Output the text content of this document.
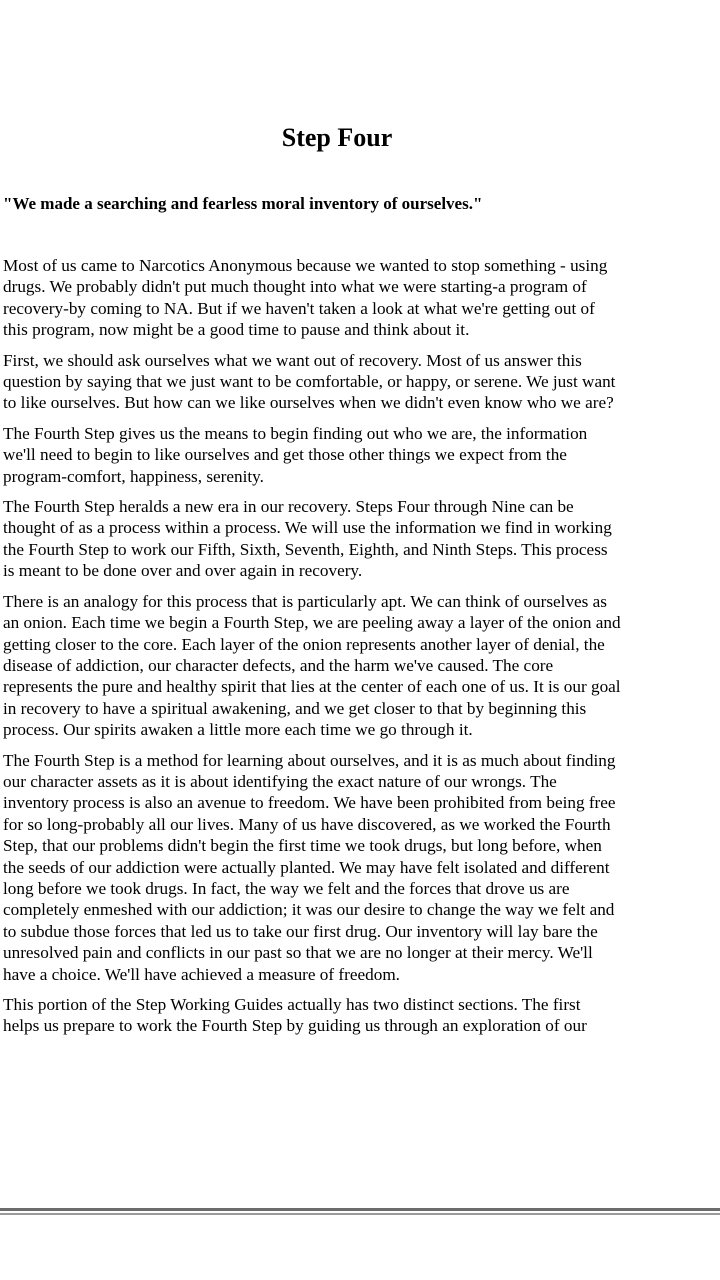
Step Four

"We made a searching and fearless moral inventory of ourselves."

Most of us came to Narcotics Anonymous because we wanted to stop something - using
drugs. We probably didn't put much thought into what we were starting-a program of
recovery-by coming to NA. But if we haven't taken a look at what we're getting out of
this program, now might be a good time to pause and think about it.

First, we should ask ourselves what we want out of recovery. Most of us answer this
question by saying that we just want to be comfortable, or happy, or serene. We just want
to like ourselves. But how can we like ourselves when we didn't even know who we are?

The Fourth Step gives us the means to begin finding out who we are, the information
we'll need to begin to like ourselves and get those other things we expect from the
program-comfort, happiness, serenity.

The Fourth Step heralds a new era in our recovery. Steps Four through Nine can be
thought of as a process within a process. We will use the information we find in working
the Fourth Step to work our Fifth, Sixth, Seventh, Eighth, and Ninth Steps. This process
is meant to be done over and over again in recovery.

There is an analogy for this process that is particularly apt. We can think of ourselves as
an onion. Each time we begin a Fourth Step, we are peeling away a layer of the onion and
getting closer to the core. Each layer of the onion represents another layer of denial, the
disease of addiction, our character defects, and the harm we've caused. The core
represents the pure and healthy spirit that lies at the center of each one of us. It is our goal
in recovery to have a spiritual awakening, and we get closer to that by beginning this
process. Our spirits awaken a little more each time we go through it.

The Fourth Step is a method for learning about ourselves, and it is as much about finding
our character assets as it is about identifying the exact nature of our wrongs. The
inventory process is also an avenue to freedom. We have been prohibited from being free
for so long-probably all our lives. Many of us have discovered, as we worked the Fourth
Step, that our problems didn't begin the first time we took drugs, but long before, when
the seeds of our addiction were actually planted. We may have felt isolated and different
long before we took drugs. In fact, the way we felt and the forces that drove us are
completely enmeshed with our addiction; it was our desire to change the way we felt and
to subdue those forces that led us to take our first drug. Our inventory will lay bare the
unresolved pain and conflicts in our past so that we are no longer at their mercy. We'll
have a choice. We'll have achieved a measure of freedom.

This portion of the Step Working Guides actually has two distinct sections. The first
helps us prepare to work the Fourth Step by guiding us through an exploration of our
